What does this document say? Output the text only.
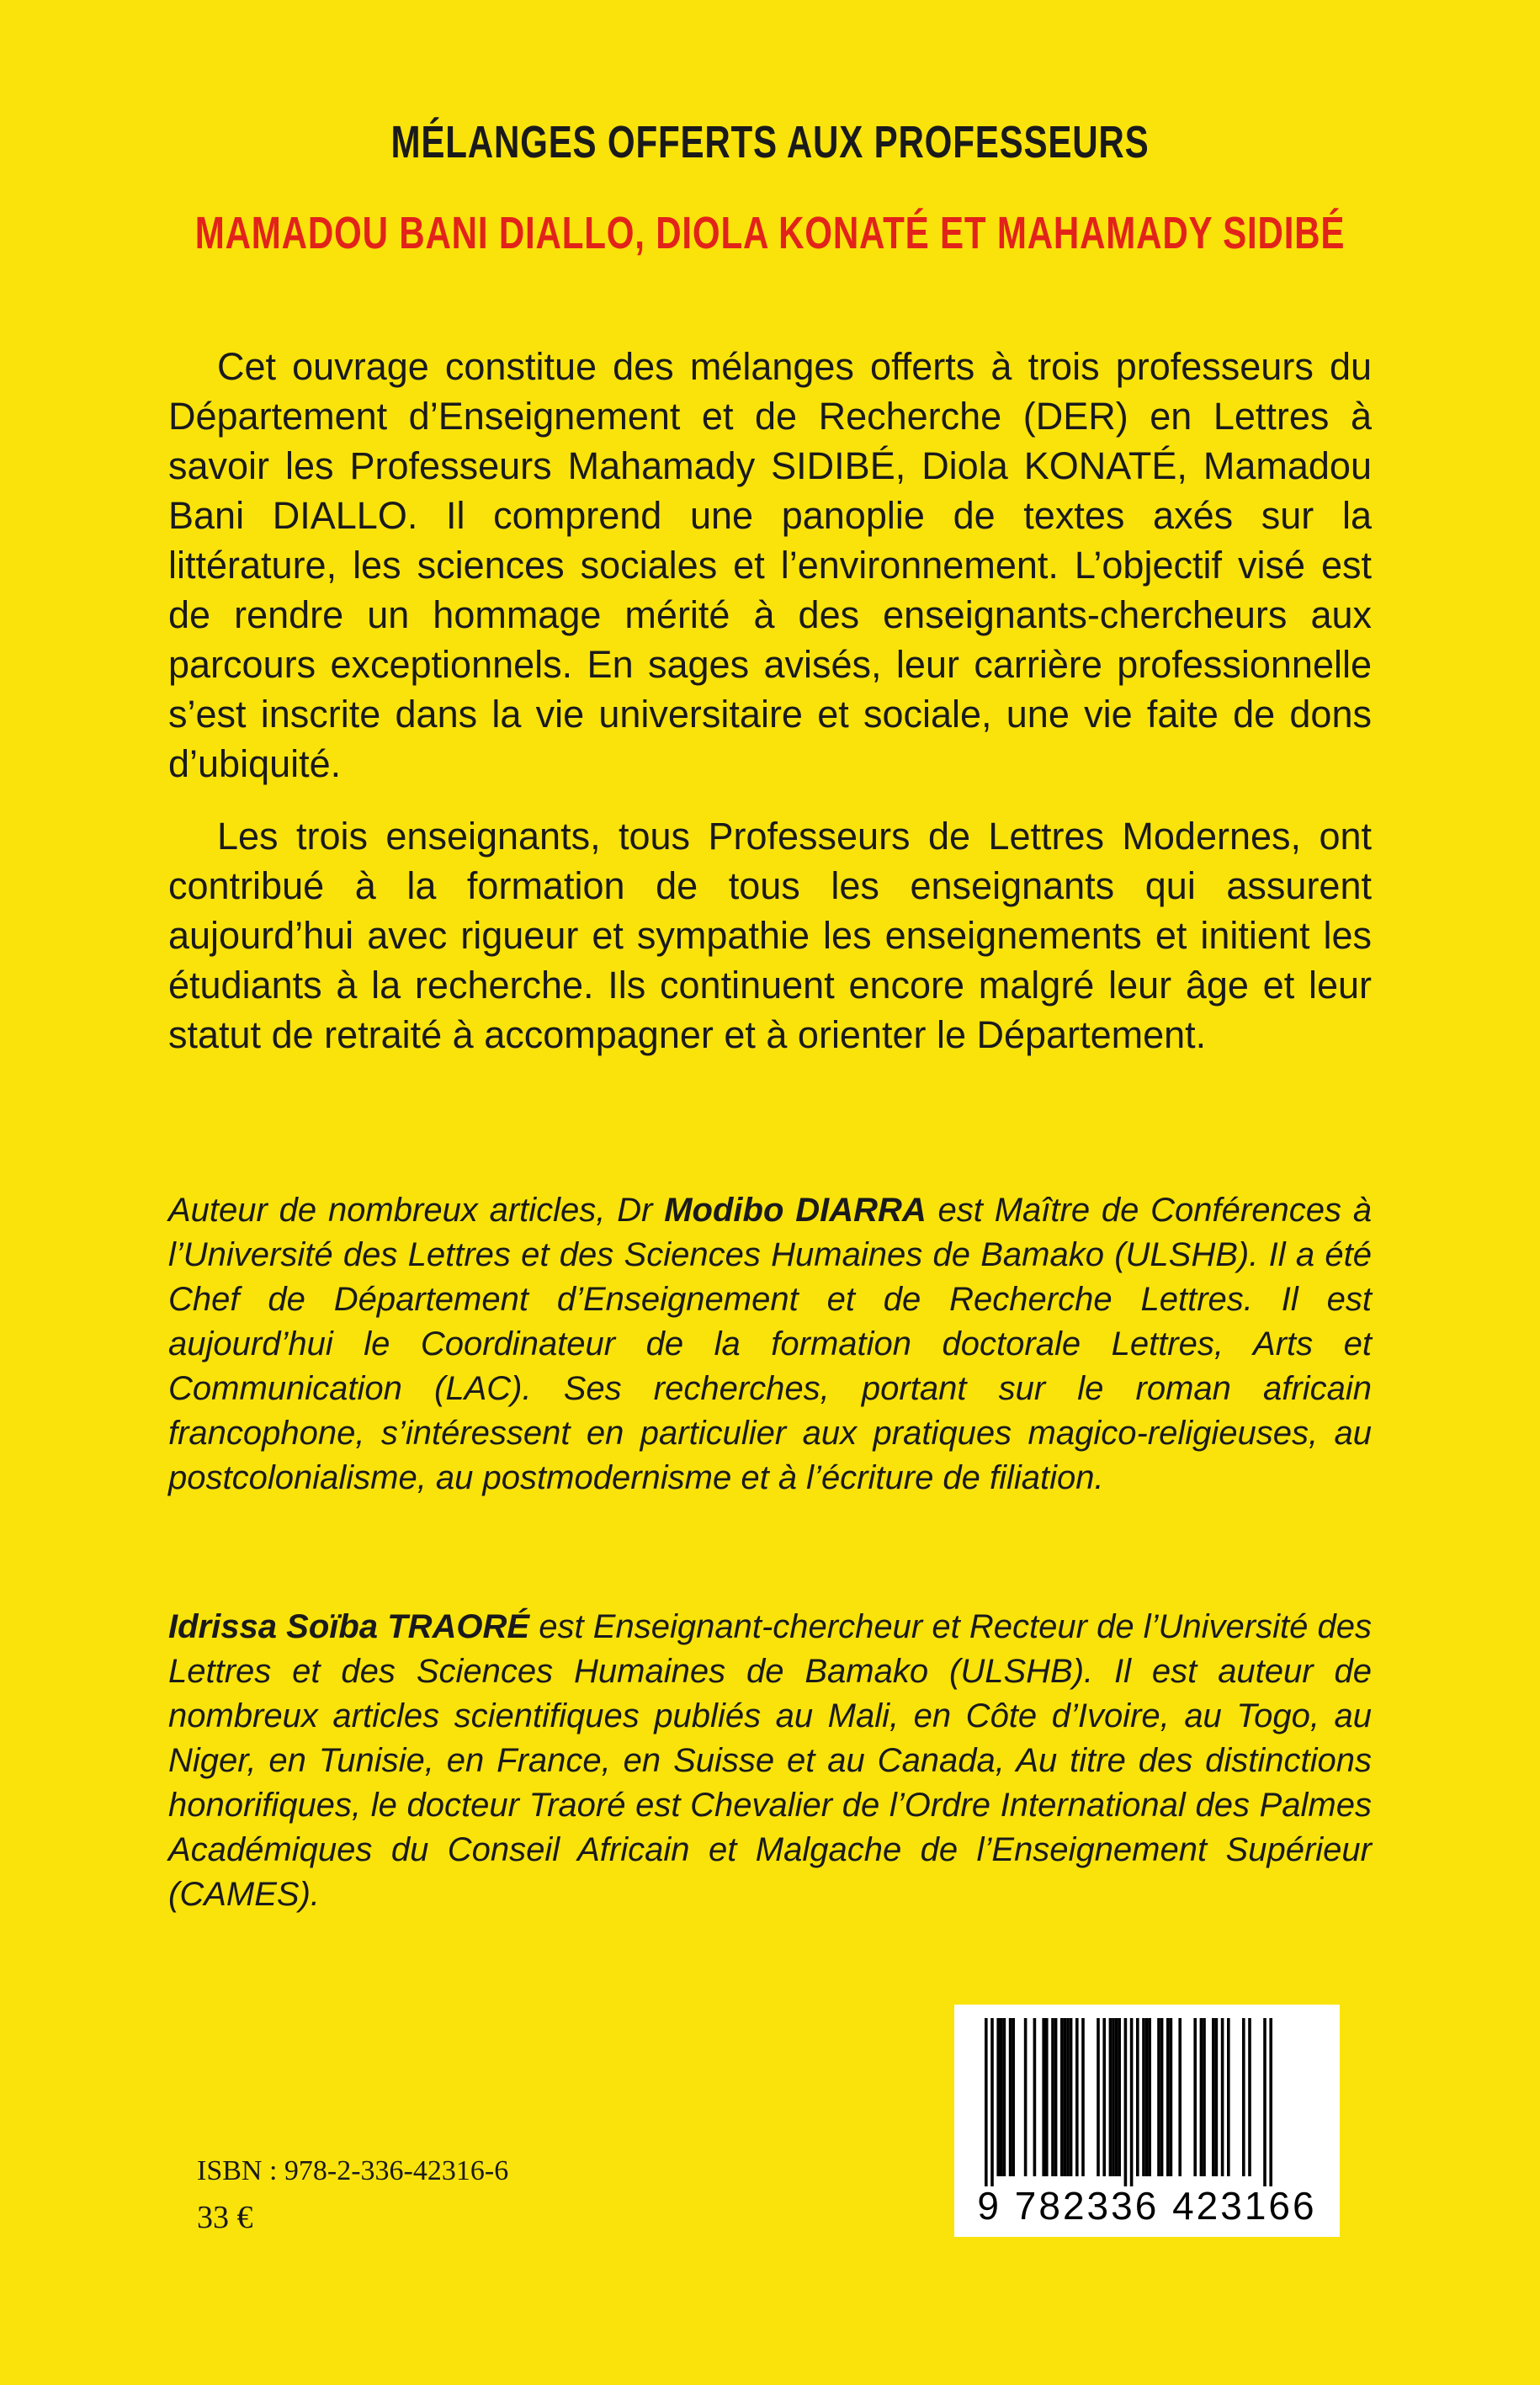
MÉLANGES OFFERTS AUX PROFESSEURS
MAMADOU BANI DIALLO, DIOLA KONATÉ ET MAHAMADY SIDIBÉ

Cet ouvrage constitue des mélanges offerts à trois professeurs du Département d’Enseignement et de Recherche (DER) en Lettres à savoir les Professeurs Mahamady SIDIBÉ, Diola KONATÉ, Mamadou Bani DIALLO. Il comprend une panoplie de textes axés sur la littérature, les sciences sociales et l’environnement. L’objectif visé est de rendre un hommage mérité à des enseignants-chercheurs aux parcours exceptionnels. En sages avisés, leur carrière professionnelle s’est inscrite dans la vie universitaire et sociale, une vie faite de dons d’ubiquité.

Les trois enseignants, tous Professeurs de Lettres Modernes, ont contribué à la formation de tous les enseignants qui assurent aujourd’hui avec rigueur et sympathie les enseignements et initient les étudiants à la recherche. Ils continuent encore malgré leur âge et leur statut de retraité à accompagner et à orienter le Département.

Auteur de nombreux articles, Dr Modibo DIARRA est Maître de Conférences à l’Université des Lettres et des Sciences Humaines de Bamako (ULSHB). Il a été Chef de Département d’Enseignement et de Recherche Lettres. Il est aujourd’hui le Coordinateur de la formation doctorale Lettres, Arts et Communication (LAC). Ses recherches, portant sur le roman africain francophone, s’intéressent en particulier aux pratiques magico-religieuses, au postcolonialisme, au postmodernisme et à l’écriture de filiation.

Idrissa Soïba TRAORÉ est Enseignant-chercheur et Recteur de l’Université des Lettres et des Sciences Humaines de Bamako (ULSHB). Il est auteur de nombreux articles scientifiques publiés au Mali, en Côte d’Ivoire, au Togo, au Niger, en Tunisie, en France, en Suisse et au Canada, Au titre des distinctions honorifiques, le docteur Traoré est Chevalier de l’Ordre International des Palmes Académiques du Conseil Africain et Malgache de l’Enseignement Supérieur (CAMES).

ISBN : 978-2-336-42316-6
33 €	9 782336 423166
